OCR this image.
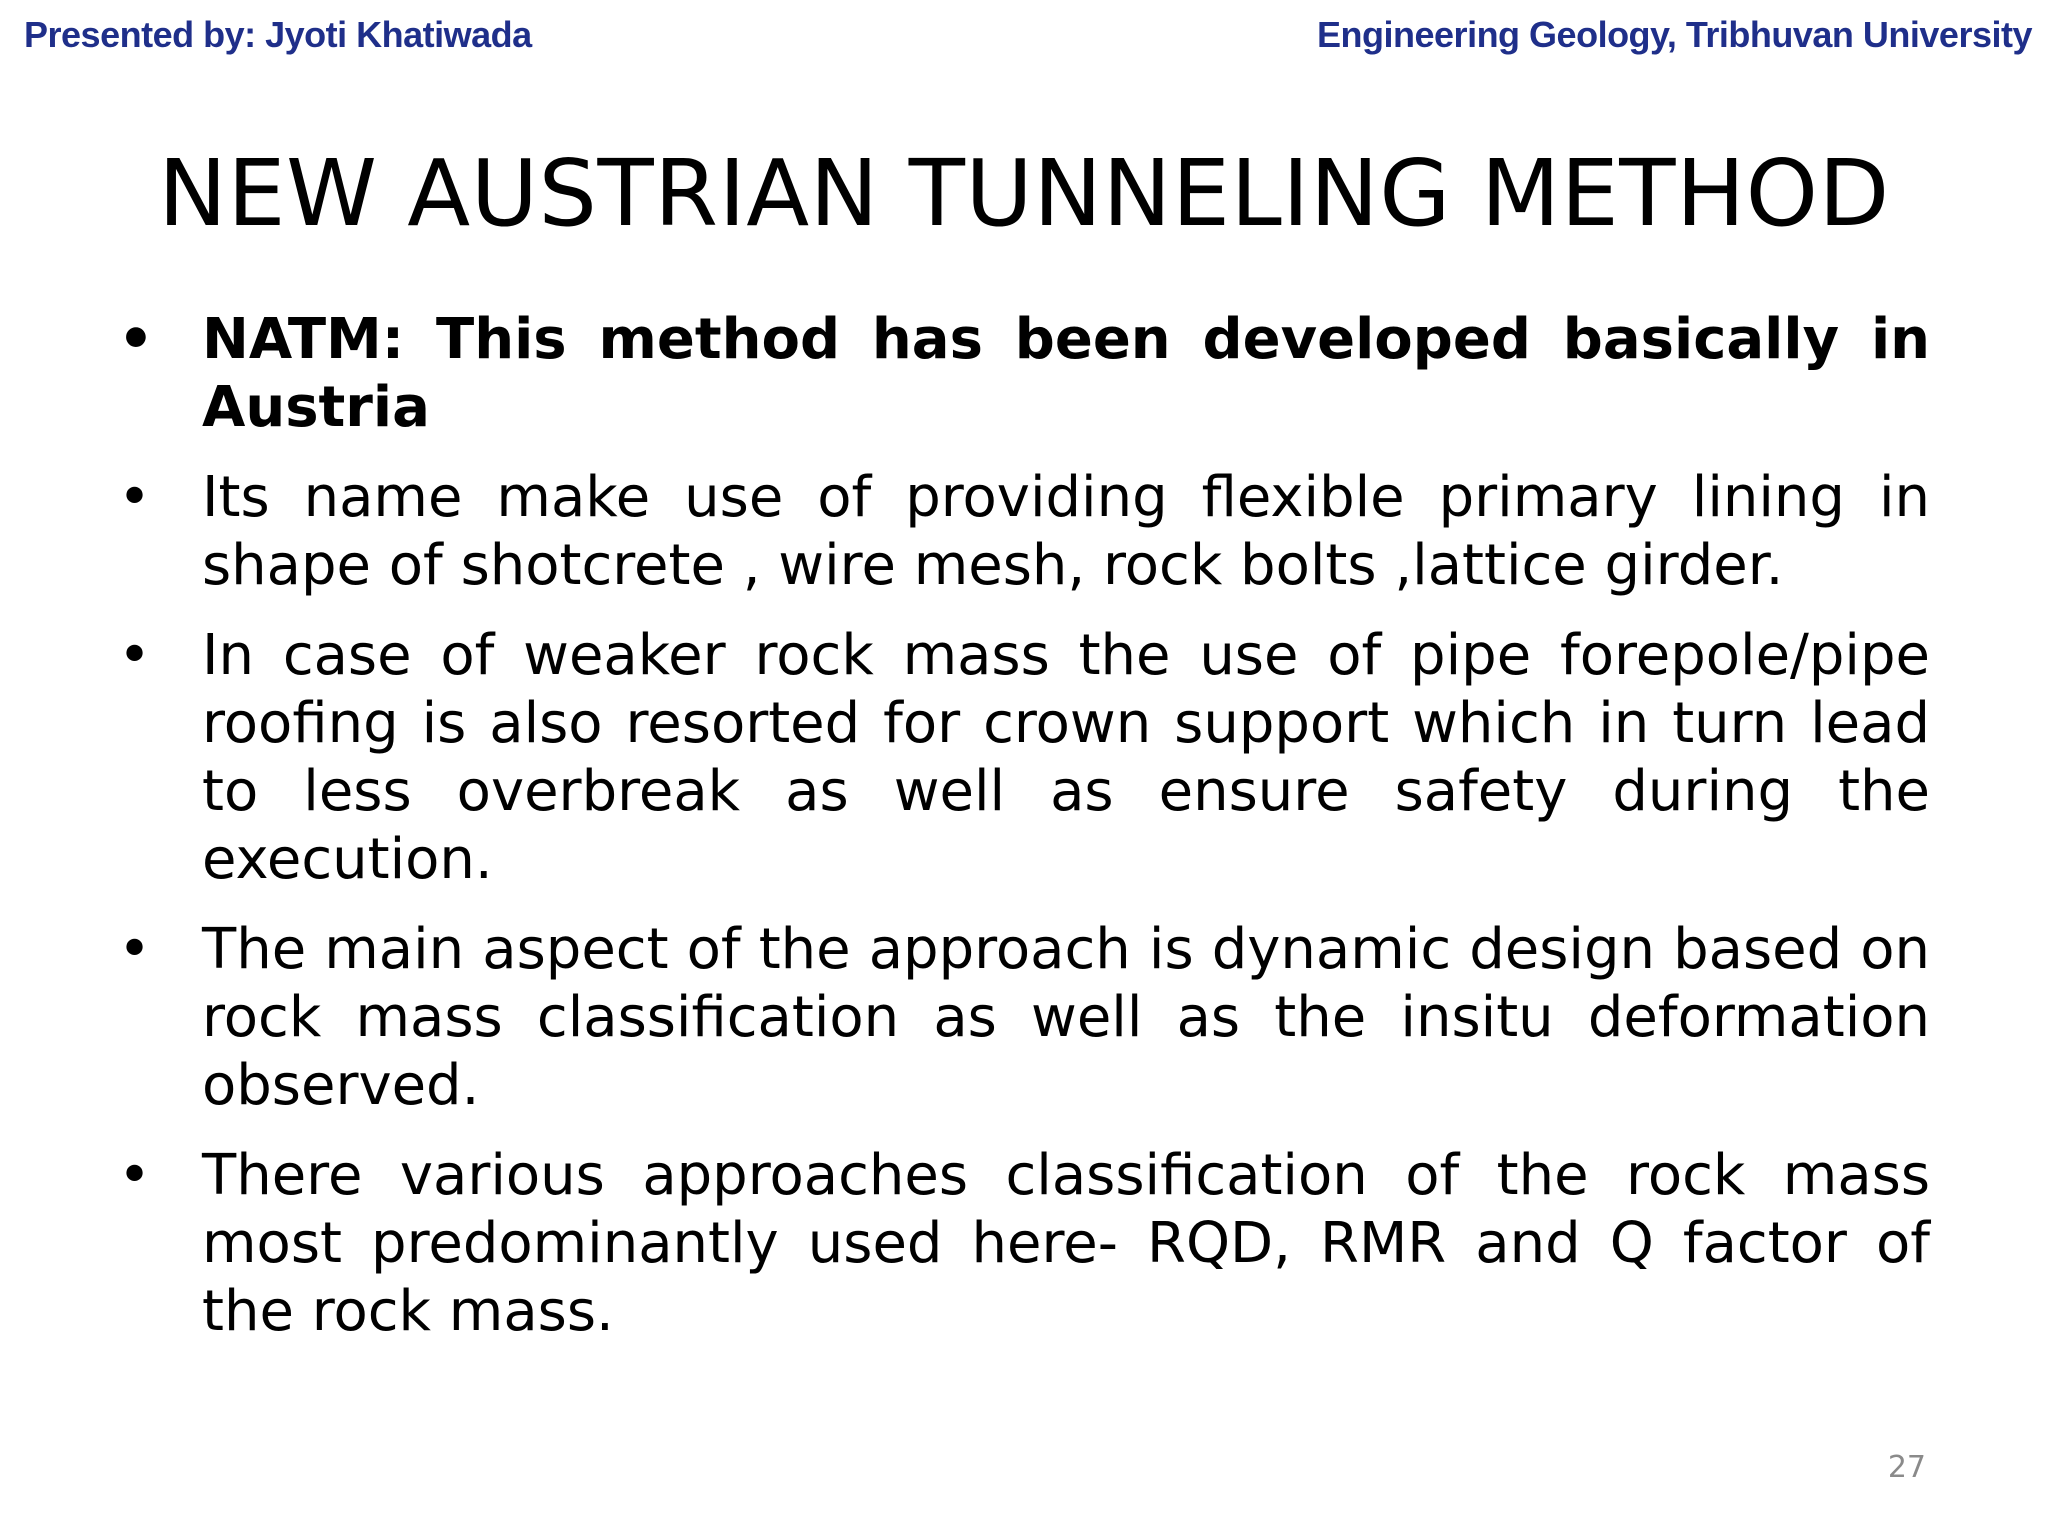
Presented by: Jyoti Khatiwada	Engineering Geology, Tribhuvan University
NEW AUSTRIAN TUNNELING METHOD
• NATM: This method has been developed basically in Austria
• Its name make use of providing flexible primary lining in shape of shotcrete , wire mesh, rock bolts ,lattice girder.
• In case of weaker rock mass the use of pipe forepole/pipe roofing is also resorted for crown support which in turn lead to less overbreak as well as ensure safety during the execution.
• The main aspect of the approach is dynamic design based on rock mass classification as well as the insitu deformation observed.
• There various approaches classification of the rock mass most predominantly used here- RQD, RMR and Q factor of the rock mass.
27
